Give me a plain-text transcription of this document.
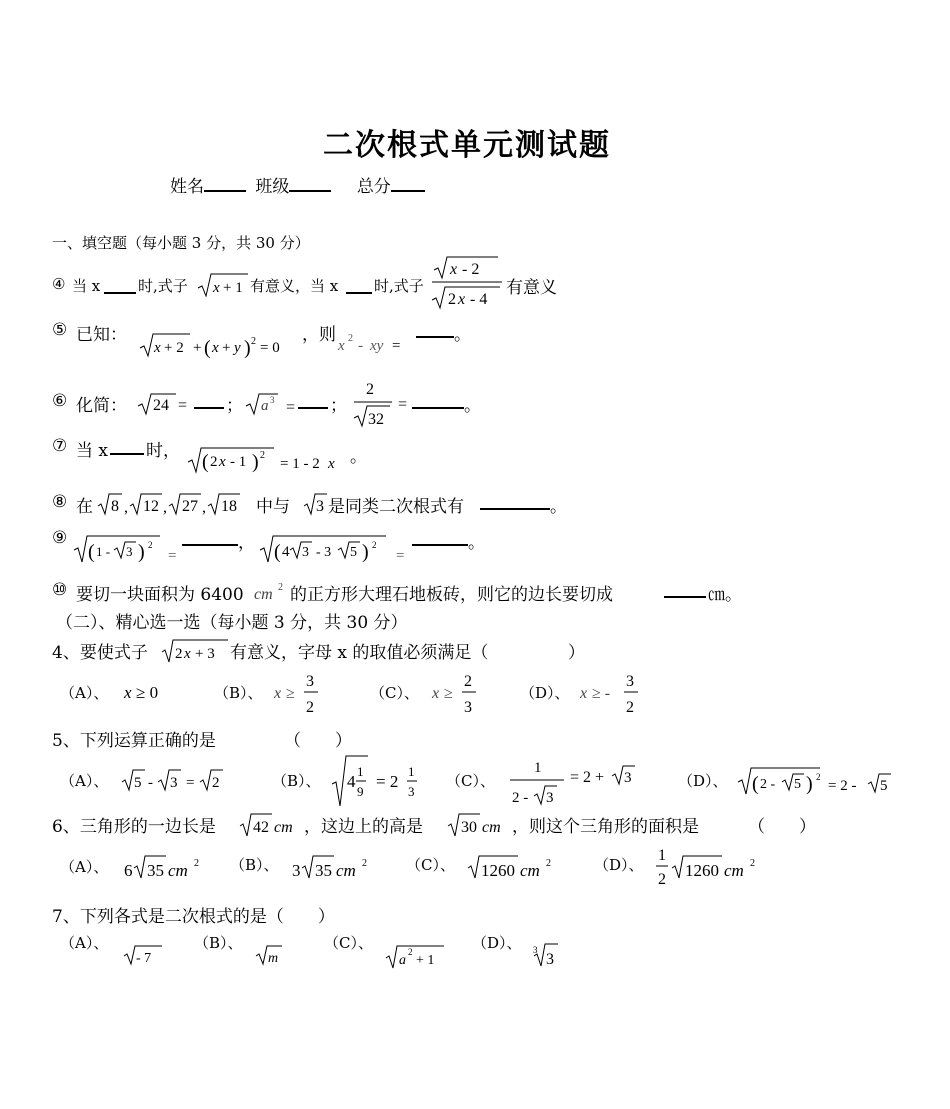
二次根式单元测试题
姓名	班级	总分
一、填空题（每小题 3 分，共 30 分）
④ 当 x	时,式子 x + 1 有意义，当 x 时,式子
x - 2
2 x - 4
有意义
⑤ 已知：
x + 2 + ( x + y ) 2 = 0
，则
x 2 - xy =
。
⑥ 化简： 24 = ； a 3 = ；
2
32
=	。
⑦ 当 x 时， ( 2 x - 1 ) 2
= 1 - 2 x 。
⑧ 在 8 , 12 , 27 , 18 中与 3 是同类二次根式有	。
⑨
( 1 - 3 ) 2
=
， ( 4 3 - 3 5 ) 2
=
。
⑩ 要切一块面积为 6400 cm 2 的正方形大理石地板砖，则它的边长要切成	㎝。
（二）、精心选一选（每小题 3 分，共 30 分）
4、要使式子 2 x + 3 有意义，字母 x 的取值必须满足（	）
（A）、 x ≥ 0	（B）、 x ≥
3
2
（C）、 x ≥
2
3
（D）、 x ≥ -
3
2
5、下列运算正确的是	（　　）
（A）、 5 - 3 = 2	（B）、 4
1
9
= 2
1
3
（C）、
1
2 - 3
= 2 + 3	（D）、 ( 2 - 5 ) 2
= 2 - 5
6、三角形的一边长是 42 cm ，这边上的高是 30 cm ，则这个三角形的面积是	（　　）
（A）、 6 35 cm 2 （B）、 3 35 cm 2	（C）、 1260 cm 2	（D）、
1
2 1260 cm 2
7、下列各式是二次根式的是（　　）
（A）、
- 7
（B）、
m
（C）、
a
2
+ 1
（D）、 3
3
